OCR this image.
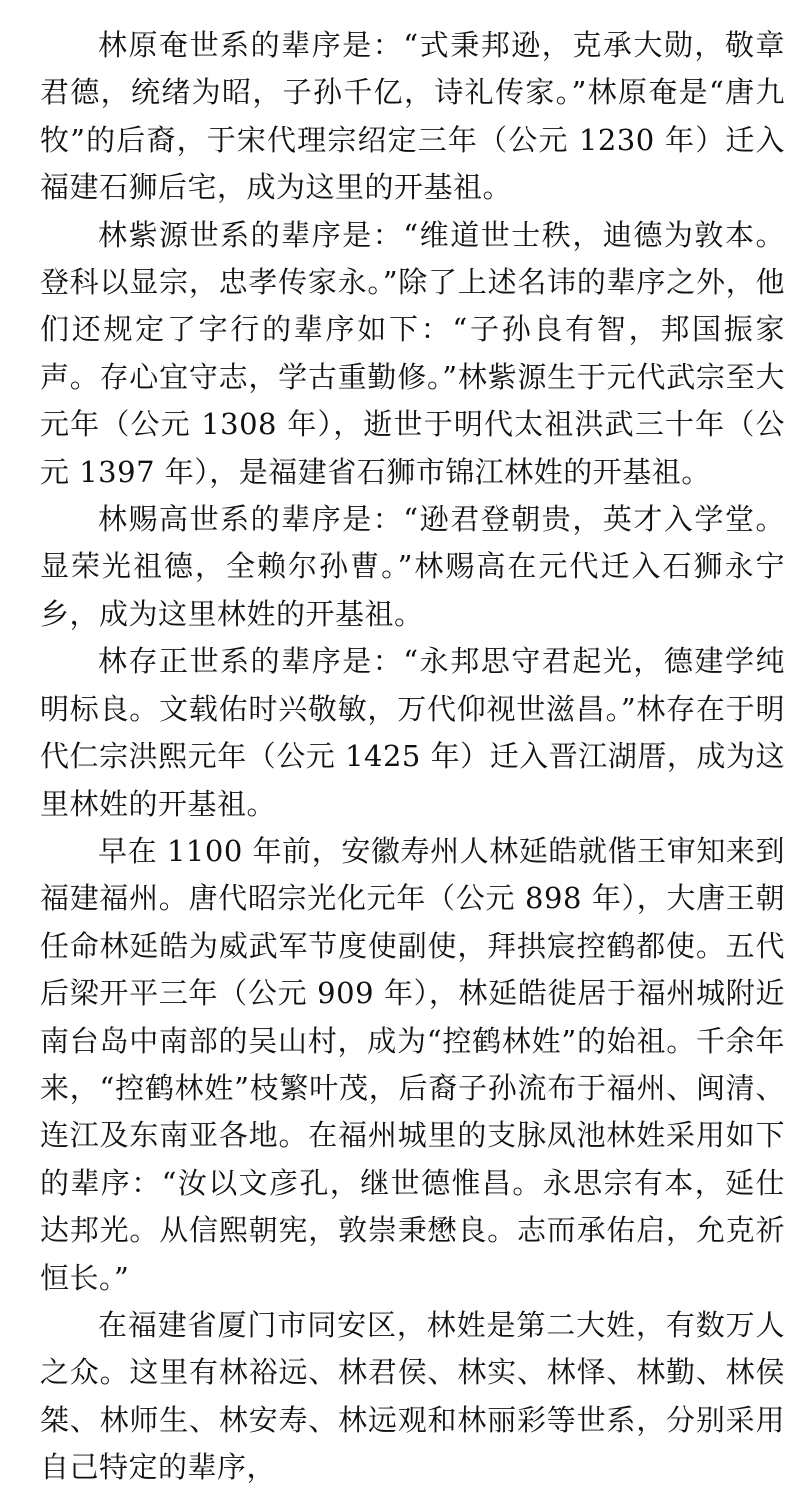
林原奄世系的辈序是：“式秉邦逊，克承大勋，敬章君德，统绪为昭，子孙千亿，诗礼传家。”林原奄是“唐九牧”的后裔，于宋代理宗绍定三年（公元 1230 年）迁入福建石狮后宅，成为这里的开基祖。

林紫源世系的辈序是：“维道世士秩，迪德为敦本。登科以显宗，忠孝传家永。”除了上述名讳的辈序之外，他们还规定了字行的辈序如下：“子孙良有智，邦国振家声。存心宜守志，学古重勤修。”林紫源生于元代武宗至大元年（公元 1308 年），逝世于明代太祖洪武三十年（公元 1397 年），是福建省石狮市锦江林姓的开基祖。

林赐高世系的辈序是：“逊君登朝贵，英才入学堂。显荣光祖德，全赖尔孙曹。”林赐高在元代迁入石狮永宁乡，成为这里林姓的开基祖。

林存正世系的辈序是：“永邦思守君起光，德建学纯明标良。文载佑时兴敬敏，万代仰视世滋昌。”林存在于明代仁宗洪熙元年（公元 1425 年）迁入晋江湖厝，成为这里林姓的开基祖。

早在 1100 年前，安徽寿州人林延皓就偕王审知来到福建福州。唐代昭宗光化元年（公元 898 年），大唐王朝任命林延皓为威武军节度使副使，拜拱宸控鹤都使。五代后梁开平三年（公元 909 年），林延皓徙居于福州城附近南台岛中南部的吴山村，成为“控鹤林姓”的始祖。千余年来，“控鹤林姓”枝繁叶茂，后裔子孙流布于福州、闽清、连江及东南亚各地。在福州城里的支脉凤池林姓采用如下的辈序：“汝以文彦孔，继世德惟昌。永思宗有本，延仕达邦光。从信熙朝宪，敦崇秉懋良。志而承佑启，允克祈恒长。”

在福建省厦门市同安区，林姓是第二大姓，有数万人之众。这里有林裕远、林君侯、林实、林怿、林勤、林侯桀、林师生、林安寿、林远观和林丽彩等世系，分别采用自己特定的辈序，
